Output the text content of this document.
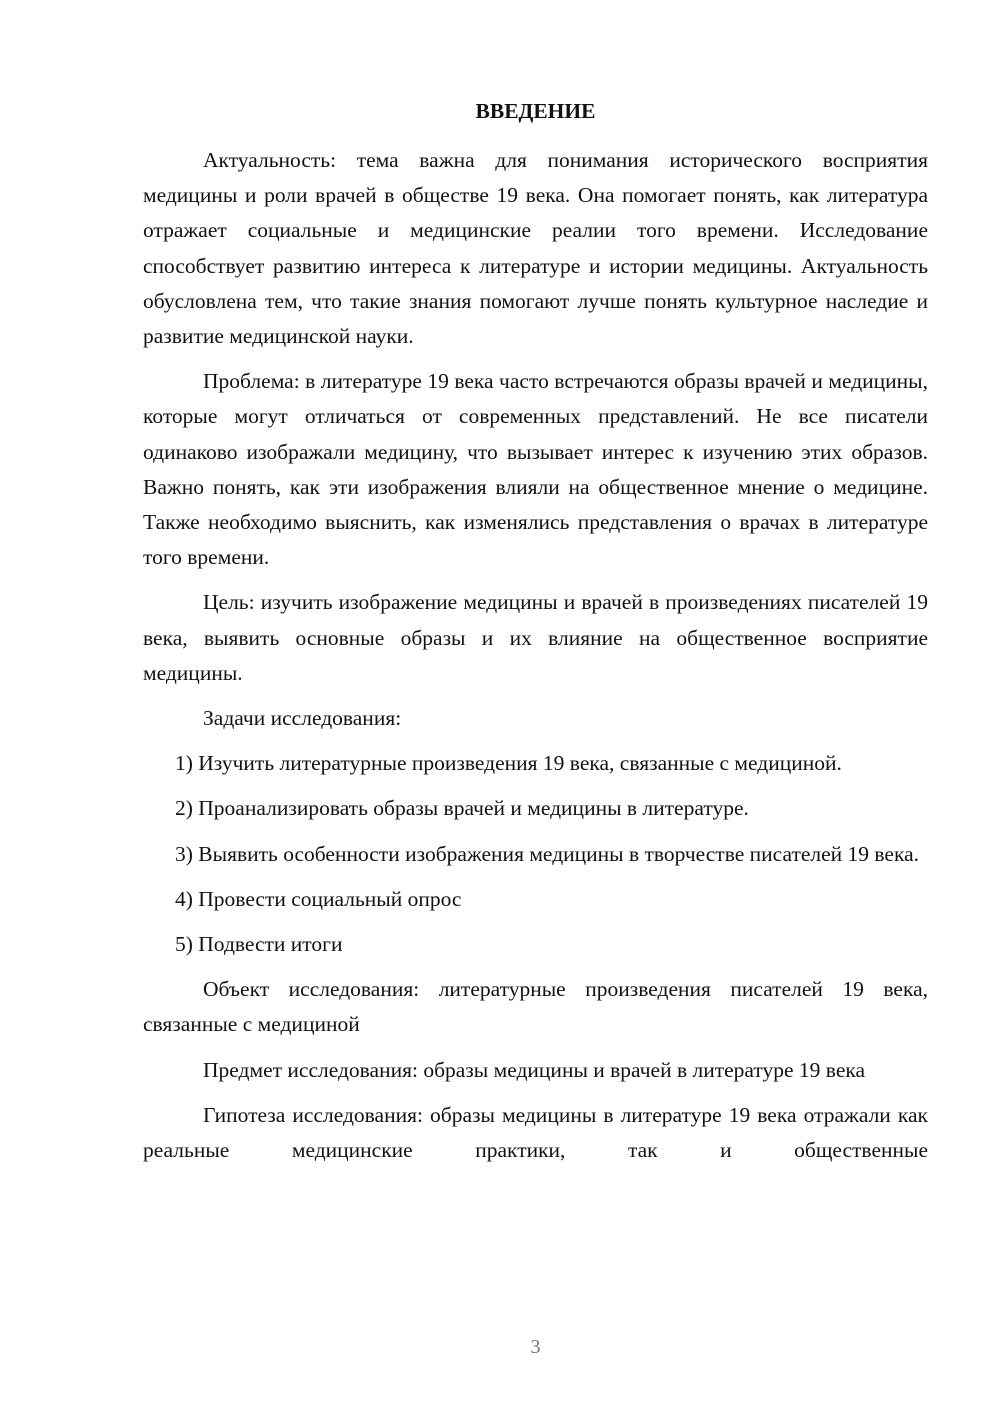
ВВЕДЕНИЕ

Актуальность: тема важна для понимания исторического восприятия медицины и роли врачей в обществе 19 века. Она помогает понять, как литература отражает социальные и медицинские реалии того времени. Исследование способствует развитию интереса к литературе и истории медицины. Актуальность обусловлена тем, что такие знания помогают лучше понять культурное наследие и развитие медицинской науки.

Проблема: в литературе 19 века часто встречаются образы врачей и медицины, которые могут отличаться от современных представлений. Не все писатели одинаково изображали медицину, что вызывает интерес к изучению этих образов. Важно понять, как эти изображения влияли на общественное мнение о медицине. Также необходимо выяснить, как изменялись представления о врачах в литературе того времени.

Цель: изучить изображение медицины и врачей в произведениях писателей 19 века, выявить основные образы и их влияние на общественное восприятие медицины.

Задачи исследования:

1) Изучить литературные произведения 19 века, связанные с медициной.

2) Проанализировать образы врачей и медицины в литературе.

3) Выявить особенности изображения медицины в творчестве писателей 19 века.

4) Провести социальный опрос

5) Подвести итоги

Объект исследования: литературные произведения писателей 19 века, связанные с медициной

Предмет исследования: образы медицины и врачей в литературе 19 века

Гипотеза исследования: образы медицины в литературе 19 века отражали как реальные медицинские практики, так и общественные

3
